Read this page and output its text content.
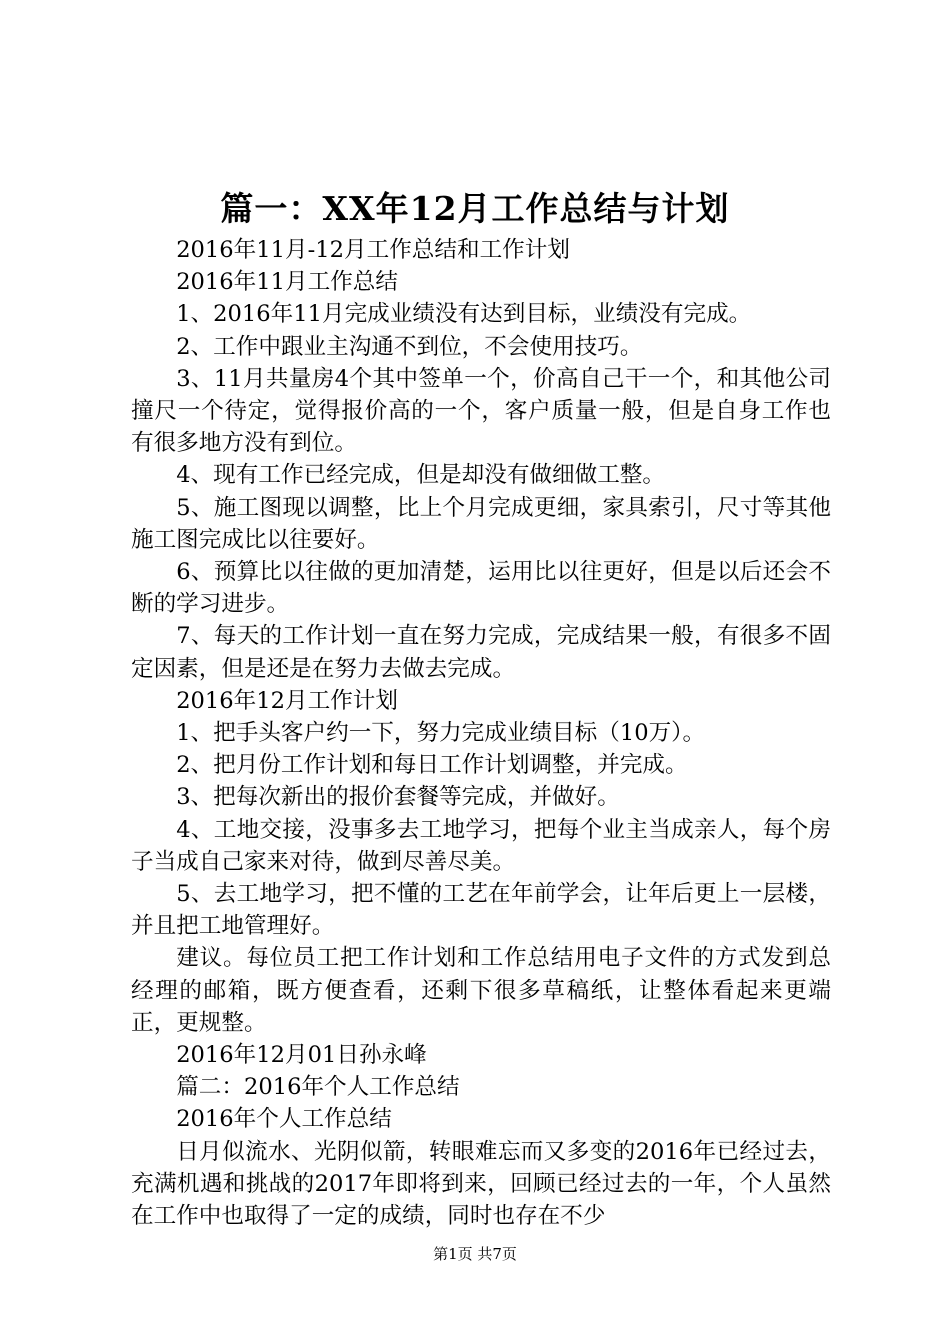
篇一：XX年12月工作总结与计划

2016年11月-12月工作总结和工作计划

2016年11月工作总结

1、2016年11月完成业绩没有达到目标，业绩没有完成。

2、工作中跟业主沟通不到位，不会使用技巧。

3、11月共量房4个其中签单一个，价高自己干一个，和其他公司撞尺一个待定，觉得报价高的一个，客户质量一般，但是自身工作也有很多地方没有到位。

4、现有工作已经完成，但是却没有做细做工整。

5、施工图现以调整，比上个月完成更细，家具索引，尺寸等其他施工图完成比以往要好。

6、预算比以往做的更加清楚，运用比以往更好，但是以后还会不断的学习进步。

7、每天的工作计划一直在努力完成，完成结果一般，有很多不固定因素，但是还是在努力去做去完成。

2016年12月工作计划

1、把手头客户约一下，努力完成业绩目标（10万）。

2、把月份工作计划和每日工作计划调整，并完成。

3、把每次新出的报价套餐等完成，并做好。

4、工地交接，没事多去工地学习，把每个业主当成亲人，每个房子当成自己家来对待，做到尽善尽美。

5、去工地学习，把不懂的工艺在年前学会，让年后更上一层楼，并且把工地管理好。

建议。每位员工把工作计划和工作总结用电子文件的方式发到总经理的邮箱，既方便查看，还剩下很多草稿纸，让整体看起来更端正，更规整。

2016年12月01日孙永峰

篇二：2016年个人工作总结

2016年个人工作总结

日月似流水、光阴似箭，转眼难忘而又多变的2016年已经过去，充满机遇和挑战的2017年即将到来，回顾已经过去的一年，个人虽然在工作中也取得了一定的成绩，同时也存在不少

第1页 共7页
